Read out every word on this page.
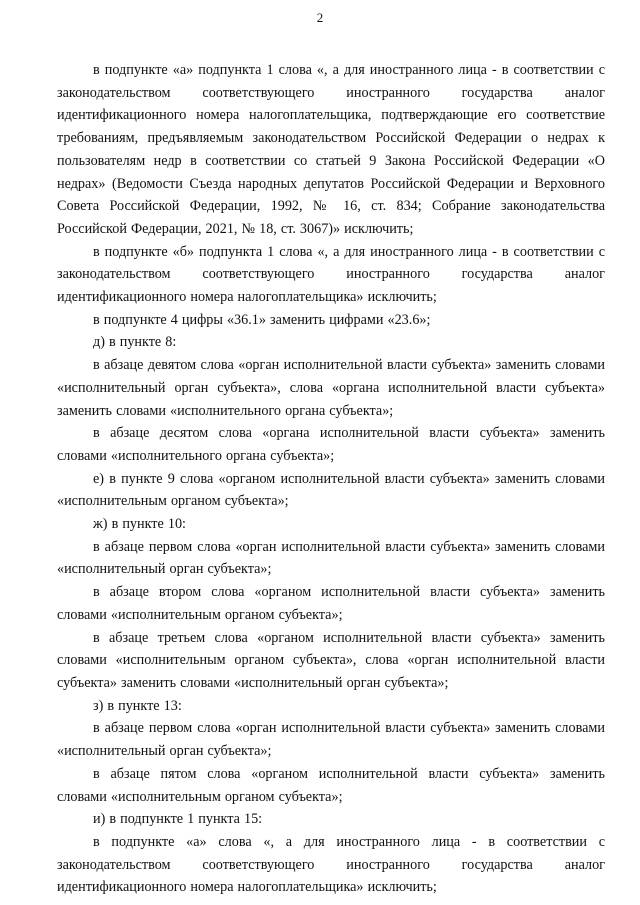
2

в подпункте «а» подпункта 1 слова «, а для иностранного лица - в соответствии с законодательством соответствующего иностранного государства аналог идентификационного номера налогоплательщика, подтверждающие его соответствие требованиям, предъявляемым законодательством Российской Федерации о недрах к пользователям недр в соответствии со статьей 9 Закона Российской Федерации «О недрах» (Ведомости Съезда народных депутатов Российской Федерации и Верховного Совета Российской Федерации, 1992, № 16, ст. 834; Собрание законодательства Российской Федерации, 2021, № 18, ст. 3067)» исключить;

в подпункте «б» подпункта 1 слова «, а для иностранного лица - в соответствии с законодательством соответствующего иностранного государства аналог идентификационного номера налогоплательщика» исключить;

в подпункте 4 цифры «36.1» заменить цифрами «23.6»;

д) в пункте 8:

в абзаце девятом слова «орган исполнительной власти субъекта» заменить словами «исполнительный орган субъекта», слова «органа исполнительной власти субъекта» заменить словами «исполнительного органа субъекта»;

в абзаце десятом слова «органа исполнительной власти субъекта» заменить словами «исполнительного органа субъекта»;

е) в пункте 9 слова «органом исполнительной власти субъекта» заменить словами «исполнительным органом субъекта»;

ж) в пункте 10:

в абзаце первом слова «орган исполнительной власти субъекта» заменить словами «исполнительный орган субъекта»;

в абзаце втором слова «органом исполнительной власти субъекта» заменить словами «исполнительным органом субъекта»;

в абзаце третьем слова «органом исполнительной власти субъекта» заменить словами «исполнительным органом субъекта», слова «орган исполнительной власти субъекта» заменить словами «исполнительный орган субъекта»;

з) в пункте 13:

в абзаце первом слова «орган исполнительной власти субъекта» заменить словами «исполнительный орган субъекта»;

в абзаце пятом слова «органом исполнительной власти субъекта» заменить словами «исполнительным органом субъекта»;

и) в подпункте 1 пункта 15:

в подпункте «а» слова «, а для иностранного лица - в соответствии с законодательством соответствующего иностранного государства аналог идентификационного номера налогоплательщика» исключить;
